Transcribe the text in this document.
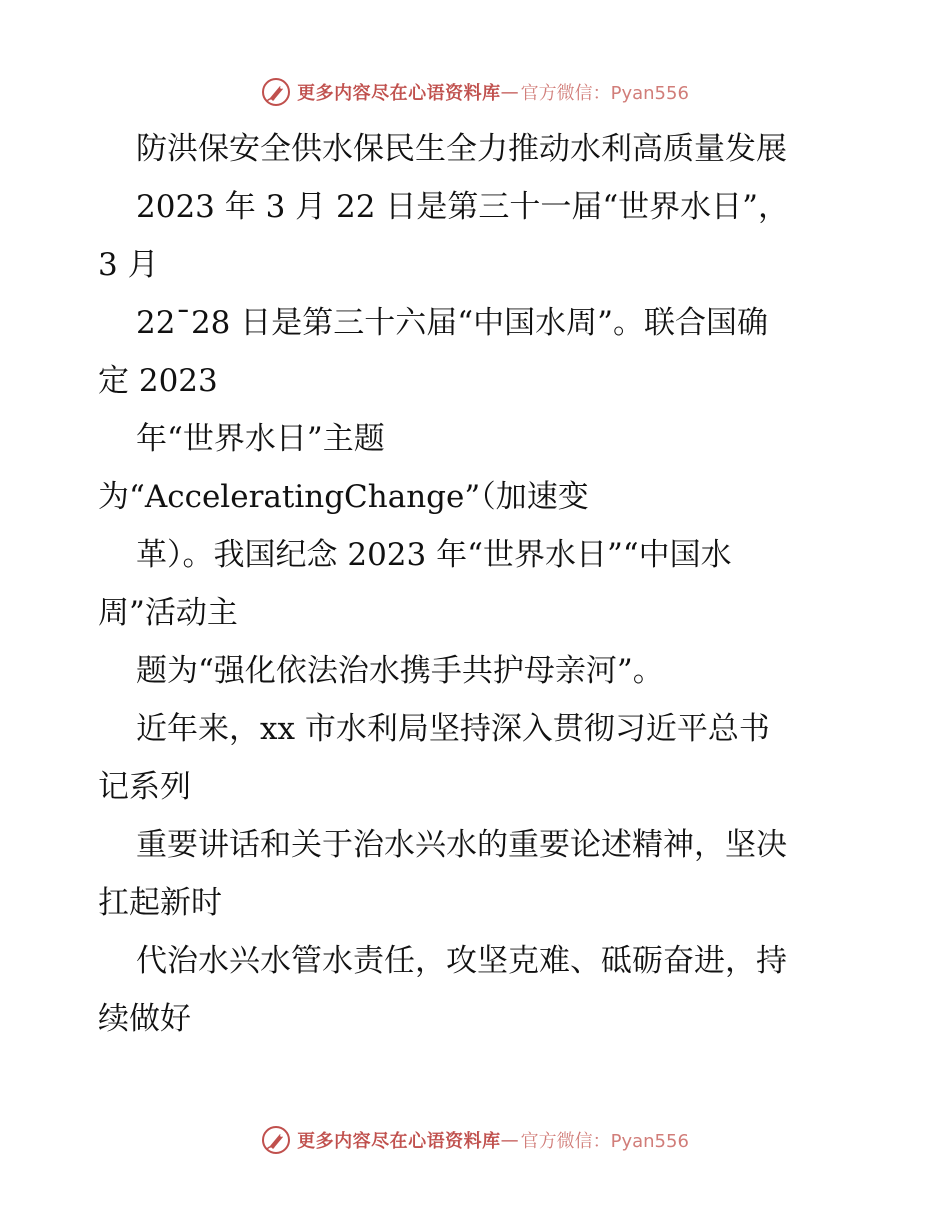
更多内容尽在心语资料库 — 官方微信：Pyan556
防洪保安全供水保民生全力推动水利高质量发展
2023 年 3 月 22 日是第三十一届“世界水日”，
3 月
22¯28 日是第三十六届“中国水周”。联合国确
定 2023
年“世界水日”主题
为“AcceleratingChange”（加速变
革）。我国纪念 2023 年“世界水日”“中国水
周”活动主
题为“强化依法治水携手共护母亲河”。
近年来，xx 市水利局坚持深入贯彻习近平总书
记系列
重要讲话和关于治水兴水的重要论述精神，坚决
扛起新时
代治水兴水管水责任，攻坚克难、砥砺奋进，持
续做好
更多内容尽在心语资料库 — 官方微信：Pyan556
